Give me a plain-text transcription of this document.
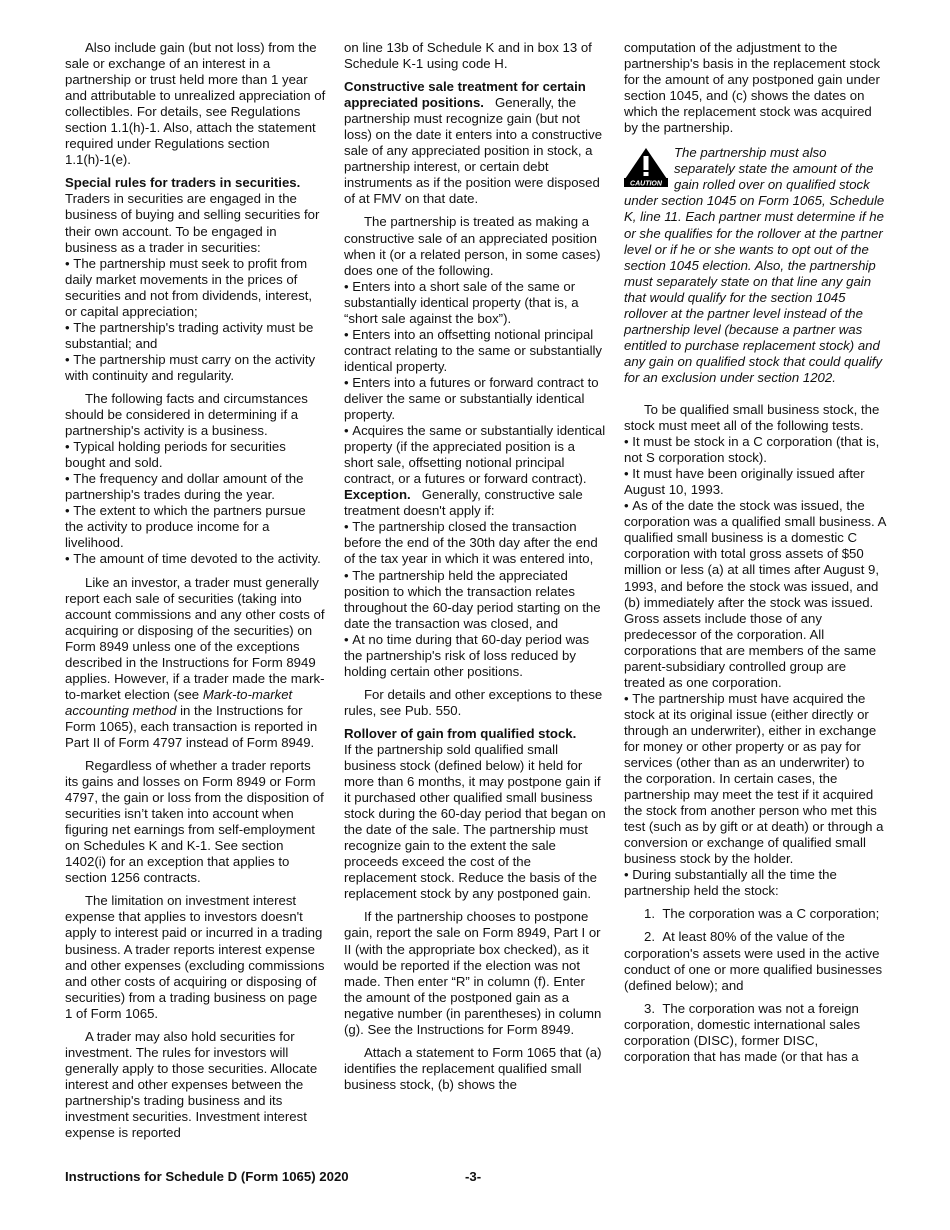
Also include gain (but not loss) from the sale or exchange of an interest in a partnership or trust held more than 1 year and attributable to unrealized appreciation of collectibles. For details, see Regulations section 1.1(h)-1. Also, attach the statement required under Regulations section 1.1(h)-1(e).

Special rules for traders in securities.
Traders in securities are engaged in the business of buying and selling securities for their own account. To be engaged in business as a trader in securities:

• The partnership must seek to profit from daily market movements in the prices of securities and not from dividends, interest, or capital appreciation;

• The partnership's trading activity must be substantial; and

• The partnership must carry on the activity with continuity and regularity.

The following facts and circumstances should be considered in determining if a partnership's activity is a business.

• Typical holding periods for securities bought and sold.

• The frequency and dollar amount of the partnership's trades during the year.

• The extent to which the partners pursue the activity to produce income for a livelihood.

• The amount of time devoted to the activity.

Like an investor, a trader must generally report each sale of securities (taking into account commissions and any other costs of acquiring or disposing of the securities) on Form 8949 unless one of the exceptions described in the Instructions for Form 8949 applies. However, if a trader made the mark-to-market election (see Mark-to-market accounting method in the Instructions for Form 1065), each transaction is reported in Part II of Form 4797 instead of Form 8949.

Regardless of whether a trader reports its gains and losses on Form 8949 or Form 4797, the gain or loss from the disposition of securities isn’t taken into account when figuring net earnings from self-employment on Schedules K and K-1. See section 1402(i) for an exception that applies to section 1256 contracts.

The limitation on investment interest expense that applies to investors doesn't apply to interest paid or incurred in a trading business. A trader reports interest expense and other expenses (excluding commissions and other costs of acquiring or disposing of securities) from a trading business on page 1 of Form 1065.

A trader may also hold securities for investment. The rules for investors will generally apply to those securities. Allocate interest and other expenses between the partnership's trading business and its investment securities. Investment interest expense is reported

on line 13b of Schedule K and in box 13 of Schedule K-1 using code H.

Constructive sale treatment for certain appreciated positions. Generally, the partnership must recognize gain (but not loss) on the date it enters into a constructive sale of any appreciated position in stock, a partnership interest, or certain debt instruments as if the position were disposed of at FMV on that date.

The partnership is treated as making a constructive sale of an appreciated position when it (or a related person, in some cases) does one of the following.

• Enters into a short sale of the same or substantially identical property (that is, a “short sale against the box”).

• Enters into an offsetting notional principal contract relating to the same or substantially identical property.

• Enters into a futures or forward contract to deliver the same or substantially identical property.

• Acquires the same or substantially identical property (if the appreciated position is a short sale, offsetting notional principal contract, or a futures or forward contract).

Exception. Generally, constructive sale treatment doesn't apply if:

• The partnership closed the transaction before the end of the 30th day after the end of the tax year in which it was entered into,

• The partnership held the appreciated position to which the transaction relates throughout the 60-day period starting on the date the transaction was closed, and

• At no time during that 60-day period was the partnership's risk of loss reduced by holding certain other positions.

For details and other exceptions to these rules, see Pub. 550.

Rollover of gain from qualified stock.
If the partnership sold qualified small business stock (defined below) it held for more than 6 months, it may postpone gain if it purchased other qualified small business stock during the 60-day period that began on the date of the sale. The partnership must recognize gain to the extent the sale proceeds exceed the cost of the replacement stock. Reduce the basis of the replacement stock by any postponed gain.

If the partnership chooses to postpone gain, report the sale on Form 8949, Part I or II (with the appropriate box checked), as it would be reported if the election was not made. Then enter “R” in column (f). Enter the amount of the postponed gain as a negative number (in parentheses) in column (g). See the Instructions for Form 8949.

Attach a statement to Form 1065 that (a) identifies the replacement qualified small business stock, (b) shows the

computation of the adjustment to the partnership's basis in the replacement stock for the amount of any postponed gain under section 1045, and (c) shows the dates on which the replacement stock was acquired by the partnership.

CAUTION
The partnership must also separately state the amount of the gain rolled over on qualified stock under section 1045 on Form 1065, Schedule K, line 11. Each partner must determine if he or she qualifies for the rollover at the partner level or if he or she wants to opt out of the section 1045 election. Also, the partnership must separately state on that line any gain that would qualify for the section 1045 rollover at the partner level instead of the partnership level (because a partner was entitled to purchase replacement stock) and any gain on qualified stock that could qualify for an exclusion under section 1202.

To be qualified small business stock, the stock must meet all of the following tests.

• It must be stock in a C corporation (that is, not S corporation stock).

• It must have been originally issued after August 10, 1993.

• As of the date the stock was issued, the corporation was a qualified small business. A qualified small business is a domestic C corporation with total gross assets of $50 million or less (a) at all times after August 9, 1993, and before the stock was issued, and (b) immediately after the stock was issued. Gross assets include those of any predecessor of the corporation. All corporations that are members of the same parent-subsidiary controlled group are treated as one corporation.

• The partnership must have acquired the stock at its original issue (either directly or through an underwriter), either in exchange for money or other property or as pay for services (other than as an underwriter) to the corporation. In certain cases, the partnership may meet the test if it acquired the stock from another person who met this test (such as by gift or at death) or through a conversion or exchange of qualified small business stock by the holder.

• During substantially all the time the partnership held the stock:

1.  The corporation was a C corporation;

2.  At least 80% of the value of the corporation's assets were used in the active conduct of one or more qualified businesses (defined below); and

3.  The corporation was not a foreign corporation, domestic international sales corporation (DISC), former DISC, corporation that has made (or that has a

Instructions for Schedule D (Form 1065) 2020	-3-
